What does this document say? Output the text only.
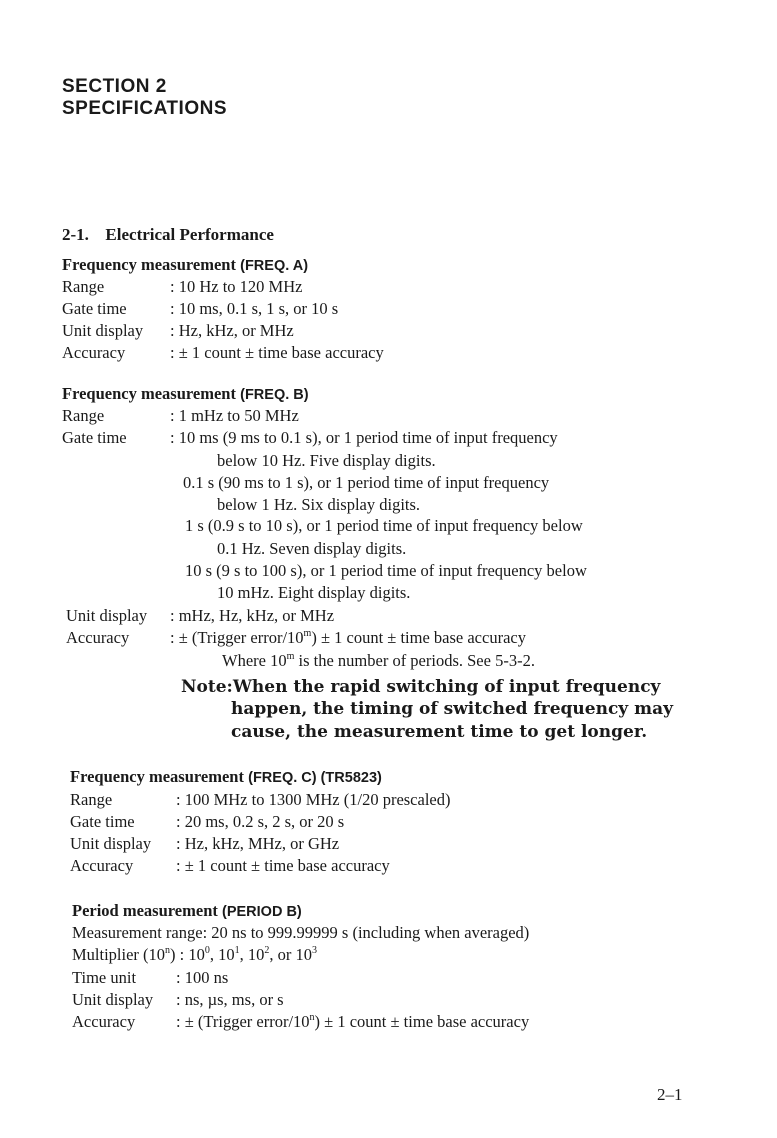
SECTION 2
SPECIFICATIONS
2-1. Electrical Performance
Frequency measurement (FREQ. A)
Range	: 10 Hz to 120 MHz
Gate time	: 10 ms, 0.1 s, 1 s, or 10 s
Unit display : Hz, kHz, or MHz
Accuracy	: ± 1 count ± time base accuracy
Frequency measurement (FREQ. B)
Range	: 1 mHz to 50 MHz
Gate time	: 10 ms (9 ms to 0.1 s), or 1 period time of input frequency
below 10 Hz. Five display digits.
0.1 s (90 ms to 1 s), or 1 period time of input frequency
below 1 Hz. Six display digits.
1 s (0.9 s to 10 s), or 1 period time of input frequency below
0.1 Hz. Seven display digits.
10 s (9 s to 100 s), or 1 period time of input frequency below
10 mHz. Eight display digits.
Unit display : mHz, Hz, kHz, or MHz
Accuracy : ± (Trigger error/$10^m) \pm 1$ count ± time base accuracy
Where 10$^m$ is the number of periods. See 5-3-2.
Note:When the rapid switching of input frequency
happen, the timing of switched frequency may
cause, the measurement time to get longer.
Frequency measurement (FREQ. C) (TR5823)
Range	: 100 MHz to 1300 MHz (1/20 prescaled)
Gate time	: 20 ms, 0.2 s, 2 s, or 20 s
Unit display : Hz, kHz, MHz, or GHz
Accuracy	: ± 1 count ± time base accuracy
Period measurement (PERIOD B)
Measurement range: 20 ns to 999.99999 s (including when averaged)
Multiplier (10$^n$) : $10^0$, $10^1$, $10^2$, or $10^3$
Time unit : 100 ns
Unit display : ns, µs, ms, or s
Accuracy : ± (Trigger error/$10^n) \pm 1$ count ± time base accuracy
2–1
